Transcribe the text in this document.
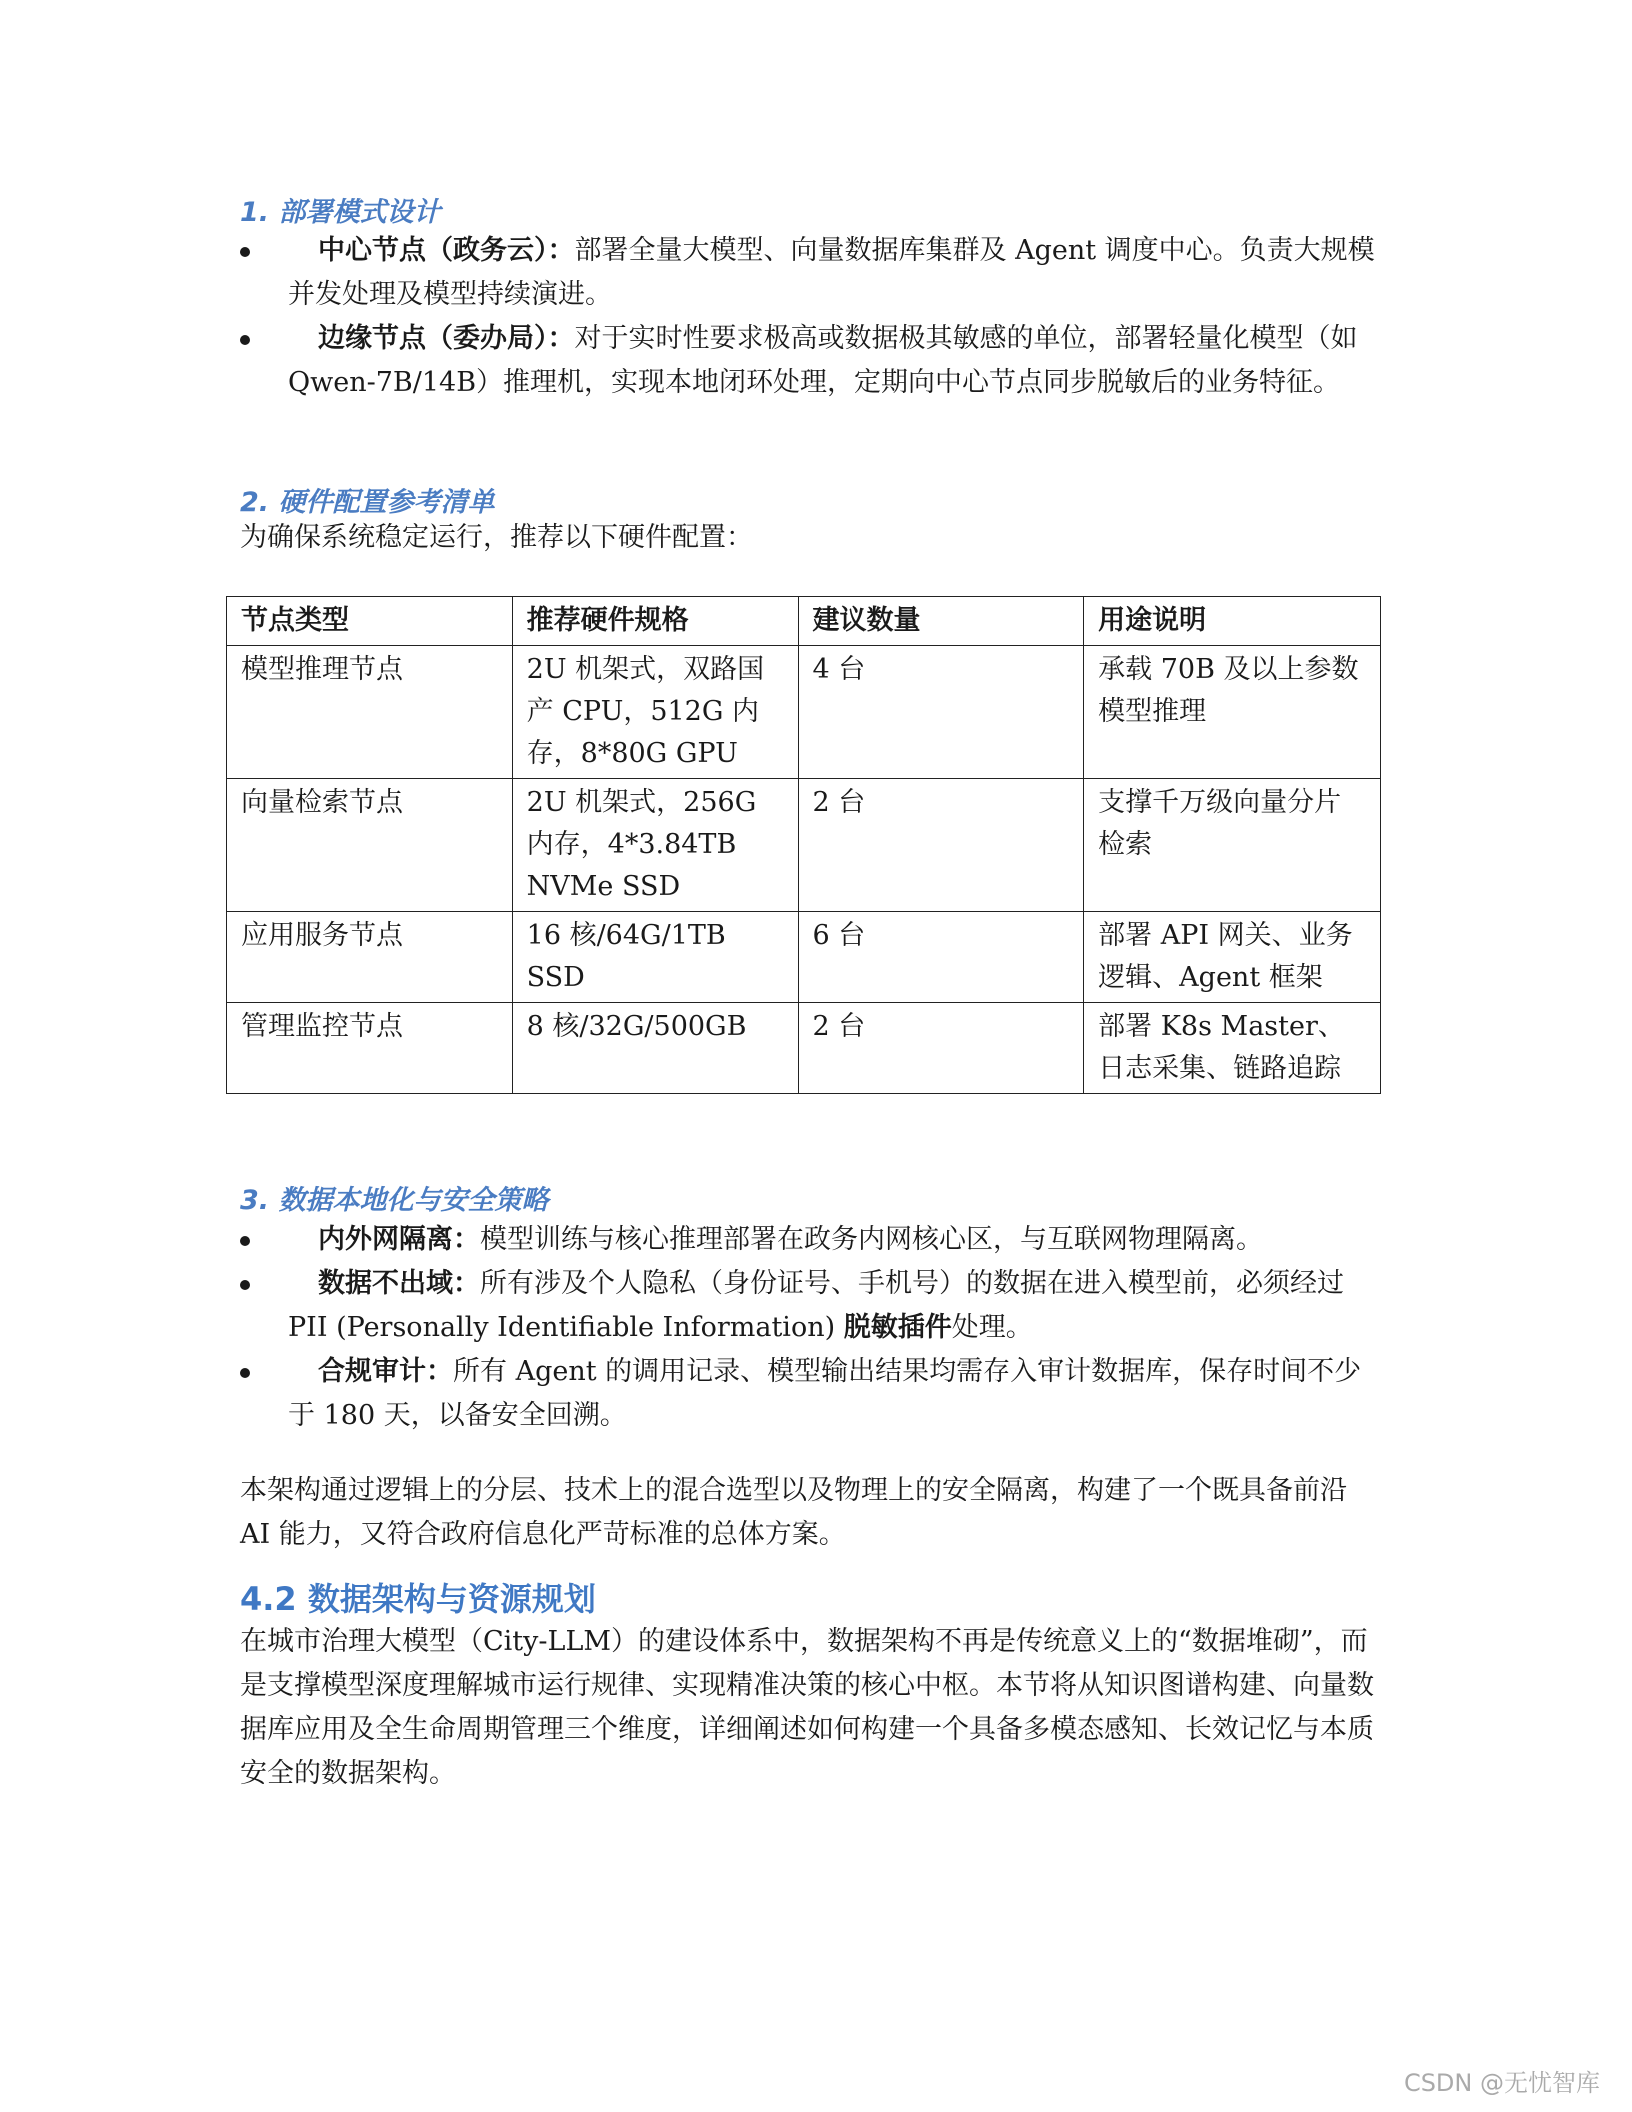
1. 部署模式设计
中心节点（政务云）：部署全量大模型、向量数据库集群及 Agent 调度中心。负责大规模并发处理及模型持续演进。
边缘节点（委办局）：对于实时性要求极高或数据极其敏感的单位，部署轻量化模型（如 Qwen-7B/14B）推理机，实现本地闭环处理，定期向中心节点同步脱敏后的业务特征。
2. 硬件配置参考清单

为确保系统稳定运行，推荐以下硬件配置：

节点类型	推荐硬件规格	建议数量	用途说明
模型推理节点	2U 机架式，双路国产 CPU，512G 内存，8*80G GPU	4 台	承载 70B 及以上参数模型推理
向量检索节点	2U 机架式，256G 内存，4*3.84TB NVMe SSD	2 台	支撑千万级向量分片检索
应用服务节点	16 核/64G/1TB SSD	6 台	部署 API 网关、业务逻辑、Agent 框架
管理监控节点	8 核/32G/500GB	2 台	部署 K8s Master、日志采集、链路追踪
3. 数据本地化与安全策略
内外网隔离：模型训练与核心推理部署在政务内网核心区，与互联网物理隔离。
数据不出域：所有涉及个人隐私（身份证号、手机号）的数据在进入模型前，必须经过 PII (Personally Identifiable Information) 脱敏插件处理。
合规审计：所有 Agent 的调用记录、模型输出结果均需存入审计数据库，保存时间不少于 180 天，以备安全回溯。

本架构通过逻辑上的分层、技术上的混合选型以及物理上的安全隔离，构建了一个既具备前沿 AI 能力，又符合政府信息化严苛标准的总体方案。

4.2 数据架构与资源规划

在城市治理大模型（City-LLM）的建设体系中，数据架构不再是传统意义上的“数据堆砌”，而是支撑模型深度理解城市运行规律、实现精准决策的核心中枢。本节将从知识图谱构建、向量数据库应用及全生命周期管理三个维度，详细阐述如何构建一个具备多模态感知、长效记忆与本质安全的数据架构。

CSDN @无忧智库
